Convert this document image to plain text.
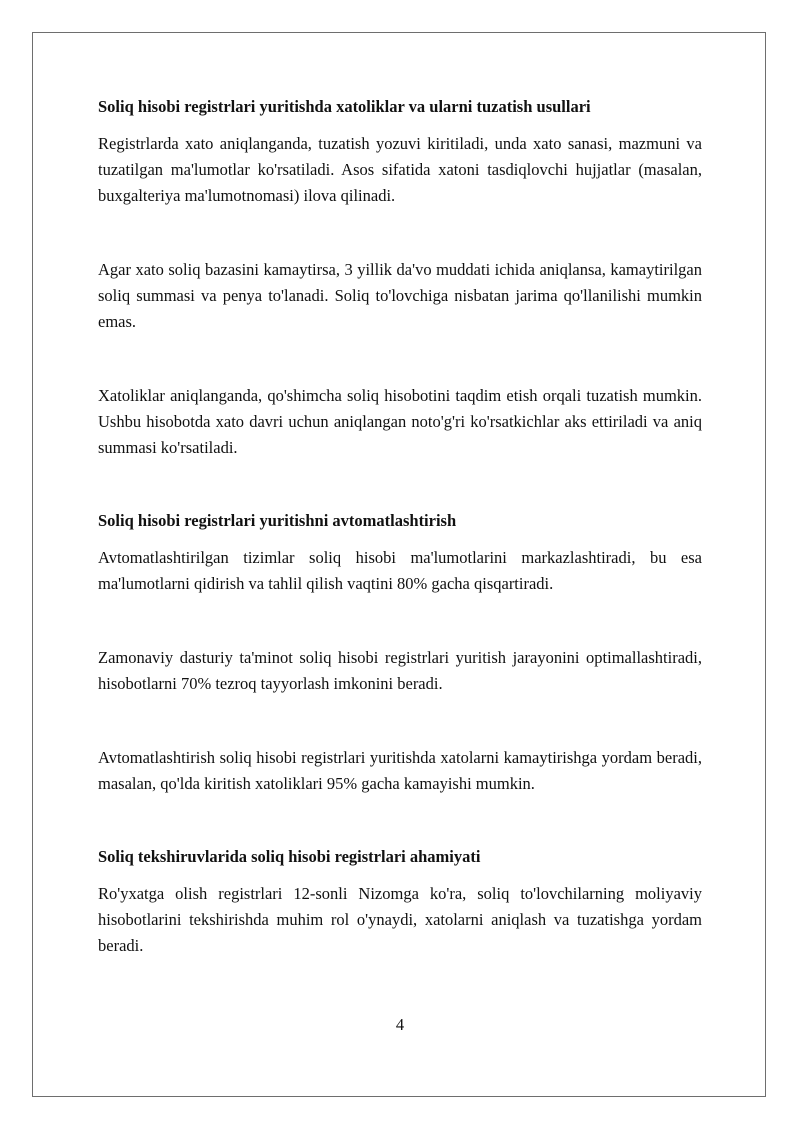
Soliq hisobi registrlari yuritishda xatoliklar va ularni tuzatish usullari

Registrlarda xato aniqlanganda, tuzatish yozuvi kiritiladi, unda xato sanasi, mazmuni va tuzatilgan ma'lumotlar ko'rsatiladi. Asos sifatida xatoni tasdiqlovchi hujjatlar (masalan, buxgalteriya ma'lumotnomasi) ilova qilinadi.

Agar xato soliq bazasini kamaytirsa, 3 yillik da'vo muddati ichida aniqlansa, kamaytirilgan soliq summasi va penya to'lanadi. Soliq to'lovchiga nisbatan jarima qo'llanilishi mumkin emas.

Xatoliklar aniqlanganda, qo'shimcha soliq hisobotini taqdim etish orqali tuzatish mumkin. Ushbu hisobotda xato davri uchun aniqlangan noto'g'ri ko'rsatkichlar aks ettiriladi va aniq summasi ko'rsatiladi.

Soliq hisobi registrlari yuritishni avtomatlashtirish

Avtomatlashtirilgan tizimlar soliq hisobi ma'lumotlarini markazlashtiradi, bu esa ma'lumotlarni qidirish va tahlil qilish vaqtini 80% gacha qisqartiradi.

Zamonaviy dasturiy ta'minot soliq hisobi registrlari yuritish jarayonini optimallashtiradi, hisobotlarni 70% tezroq tayyorlash imkonini beradi.

Avtomatlashtirish soliq hisobi registrlari yuritishda xatolarni kamaytirishga yordam beradi, masalan, qo'lda kiritish xatoliklari 95% gacha kamayishi mumkin.

Soliq tekshiruvlarida soliq hisobi registrlari ahamiyati

Ro'yxatga olish registrlari 12-sonli Nizomga ko'ra, soliq to'lovchilarning moliyaviy hisobotlarini tekshirishda muhim rol o'ynaydi, xatolarni aniqlash va tuzatishga yordam beradi.

4
